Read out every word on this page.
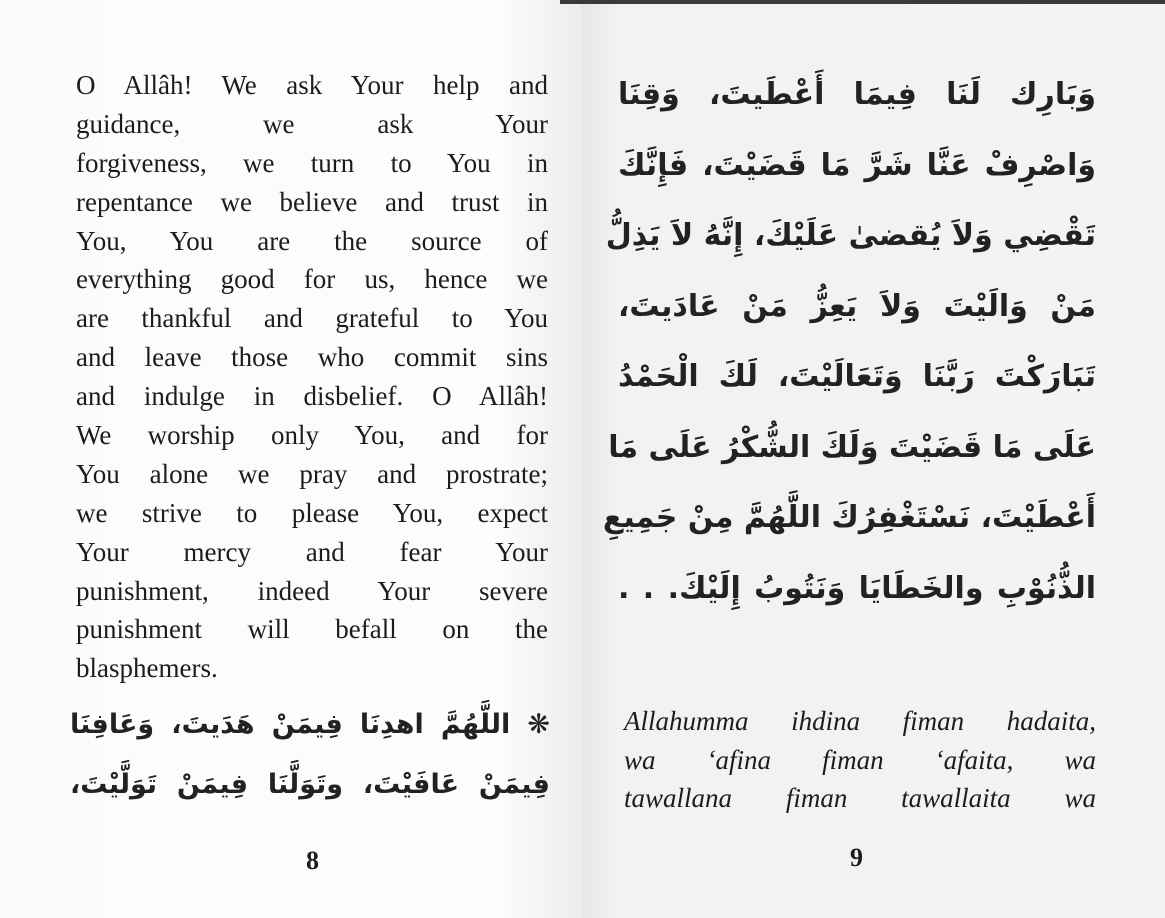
O Allâh! We ask Your help and
guidance, we ask Your
forgiveness, we turn to You in
repentance we believe and trust in
You, You are the source of
everything good for us, hence we
are thankful and grateful to You
and leave those who commit sins
and indulge in disbelief. O Allâh!
We worship only You, and for
You alone we pray and prostrate;
we strive to please You, expect
Your mercy and fear Your
punishment, indeed Your severe
punishment will befall on the
blasphemers.
❋ اللَّهُمَّ اهدِنَا فِيمَنْ هَدَيتَ، وَعَافِنَا
فِيمَنْ عَافَيْتَ، وتَوَلَّنَا فِيمَنْ تَوَلَّيْتَ،
8
وَبَارِك لَنَا فِيمَا أَعْطَيتَ، وَقِنَا
وَاصْرِفْ عَنَّا شَرَّ مَا قَضَيْتَ، فَإِنَّكَ
تَقْضِي وَلاَ يُقضىٰ عَلَيْكَ، إِنَّهُ لاَ يَذِلُّ
مَنْ وَالَيْتَ وَلاَ يَعِزُّ مَنْ عَادَيتَ،
تَبَارَكْتَ رَبَّنَا وَتَعَالَيْتَ، لَكَ الْحَمْدُ
عَلَى مَا قَضَيْتَ وَلَكَ الشُّكْرُ عَلَى مَا
أَعْطَيْتَ، نَسْتَغْفِرُكَ اللَّهُمَّ مِنْ جَمِيعِ
الذُّنُوْبِ والخَطَايَا وَنَتُوبُ إِلَيْكَ. . .
Allahumma ihdina fiman hadaita,
wa ‘afina fiman ‘afaita, wa
tawallana fiman tawallaita wa
9
